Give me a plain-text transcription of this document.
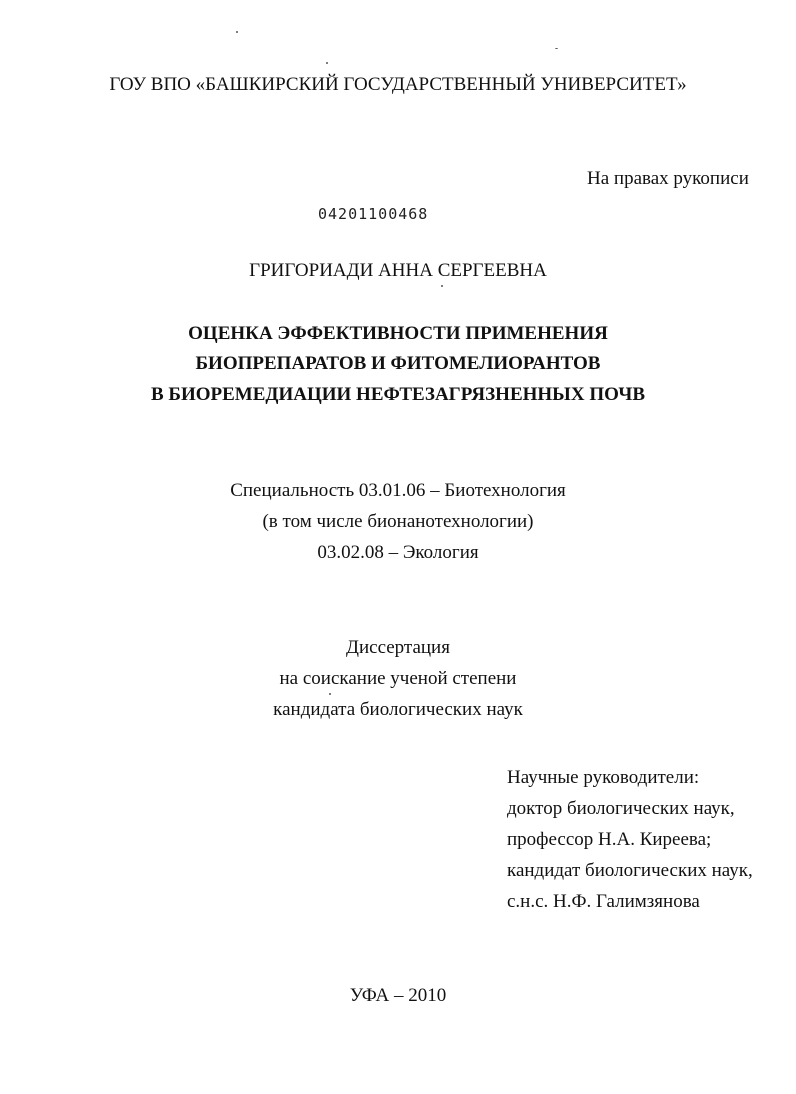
ГОУ ВПО «БАШКИРСКИЙ ГОСУДАРСТВЕННЫЙ УНИВЕРСИТЕТ»
На правах рукописи
04201100468
ГРИГОРИАДИ АННА СЕРГЕЕВНА
ОЦЕНКА ЭФФЕКТИВНОСТИ ПРИМЕНЕНИЯ
БИОПРЕПАРАТОВ И ФИТОМЕЛИОРАНТОВ
В БИОРЕМЕДИАЦИИ НЕФТЕЗАГРЯЗНЕННЫХ ПОЧВ
Специальность 03.01.06 – Биотехнология
(в том числе бионанотехнологии)
03.02.08 – Экология
Диссертация
на соискание ученой степени
кандидата биологических наук
Научные руководители:
доктор биологических наук,
профессор Н.А. Киреева;
кандидат биологических наук,
с.н.с. Н.Ф. Галимзянова
УФА – 2010
